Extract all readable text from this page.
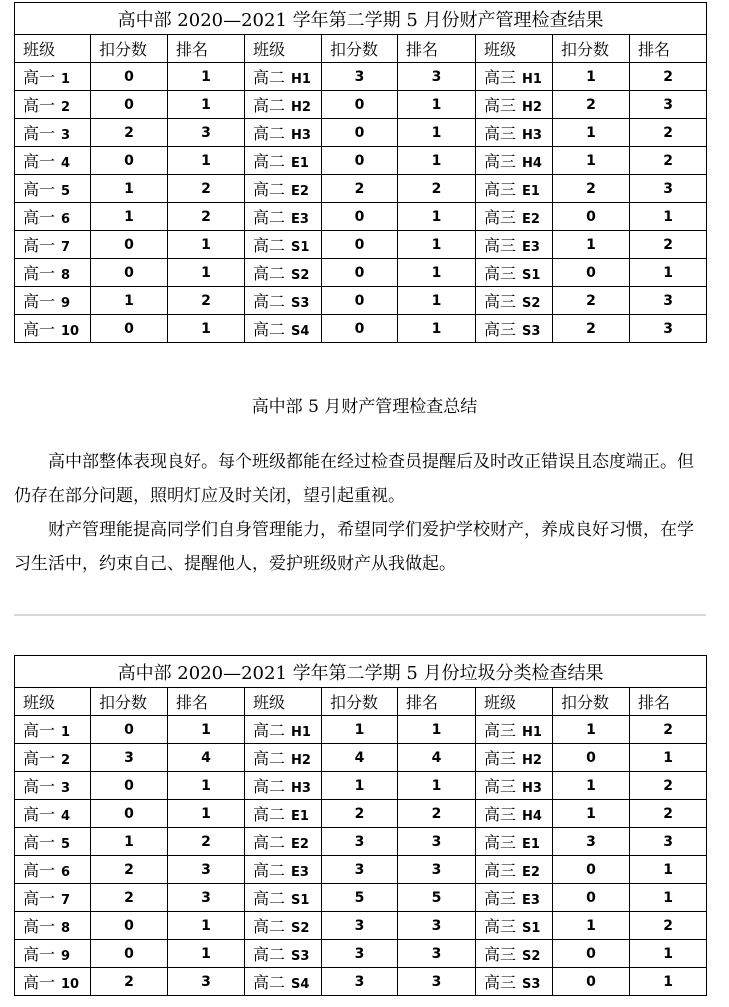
高中部 2020—2021 学年第二学期 5 月份财产管理检查结果								
班级	扣分数	排名	班级	扣分数	排名	班级	扣分数	排名
高一 1	0	1	高二 H1	3	3	高三 H1	1	2
高一 2	0	1	高二 H2	0	1	高三 H2	2	3
高一 3	2	3	高二 H3	0	1	高三 H3	1	2
高一 4	0	1	高二 E1	0	1	高三 H4	1	2
高一 5	1	2	高二 E2	2	2	高三 E1	2	3
高一 6	1	2	高二 E3	0	1	高三 E2	0	1
高一 7	0	1	高二 S1	0	1	高三 E3	1	2
高一 8	0	1	高二 S2	0	1	高三 S1	0	1
高一 9	1	2	高二 S3	0	1	高三 S2	2	3
高一 10	0	1	高二 S4	0	1	高三 S3	2	3
高中部 5 月财产管理检查总结

高中部整体表现良好。每个班级都能在经过检查员提醒后及时改正错误且态度端正。但仍存在部分问题，照明灯应及时关闭，望引起重视。

财产管理能提高同学们自身管理能力，希望同学们爱护学校财产，养成良好习惯，在学习生活中，约束自己、提醒他人，爱护班级财产从我做起。

高中部 2020—2021 学年第二学期 5 月份垃圾分类检查结果								
班级	扣分数	排名	班级	扣分数	排名	班级	扣分数	排名
高一 1	0	1	高二 H1	1	1	高三 H1	1	2
高一 2	3	4	高二 H2	4	4	高三 H2	0	1
高一 3	0	1	高二 H3	1	1	高三 H3	1	2
高一 4	0	1	高二 E1	2	2	高三 H4	1	2
高一 5	1	2	高二 E2	3	3	高三 E1	3	3
高一 6	2	3	高二 E3	3	3	高三 E2	0	1
高一 7	2	3	高二 S1	5	5	高三 E3	0	1
高一 8	0	1	高二 S2	3	3	高三 S1	1	2
高一 9	0	1	高二 S3	3	3	高三 S2	0	1
高一 10	2	3	高二 S4	3	3	高三 S3	0	1
